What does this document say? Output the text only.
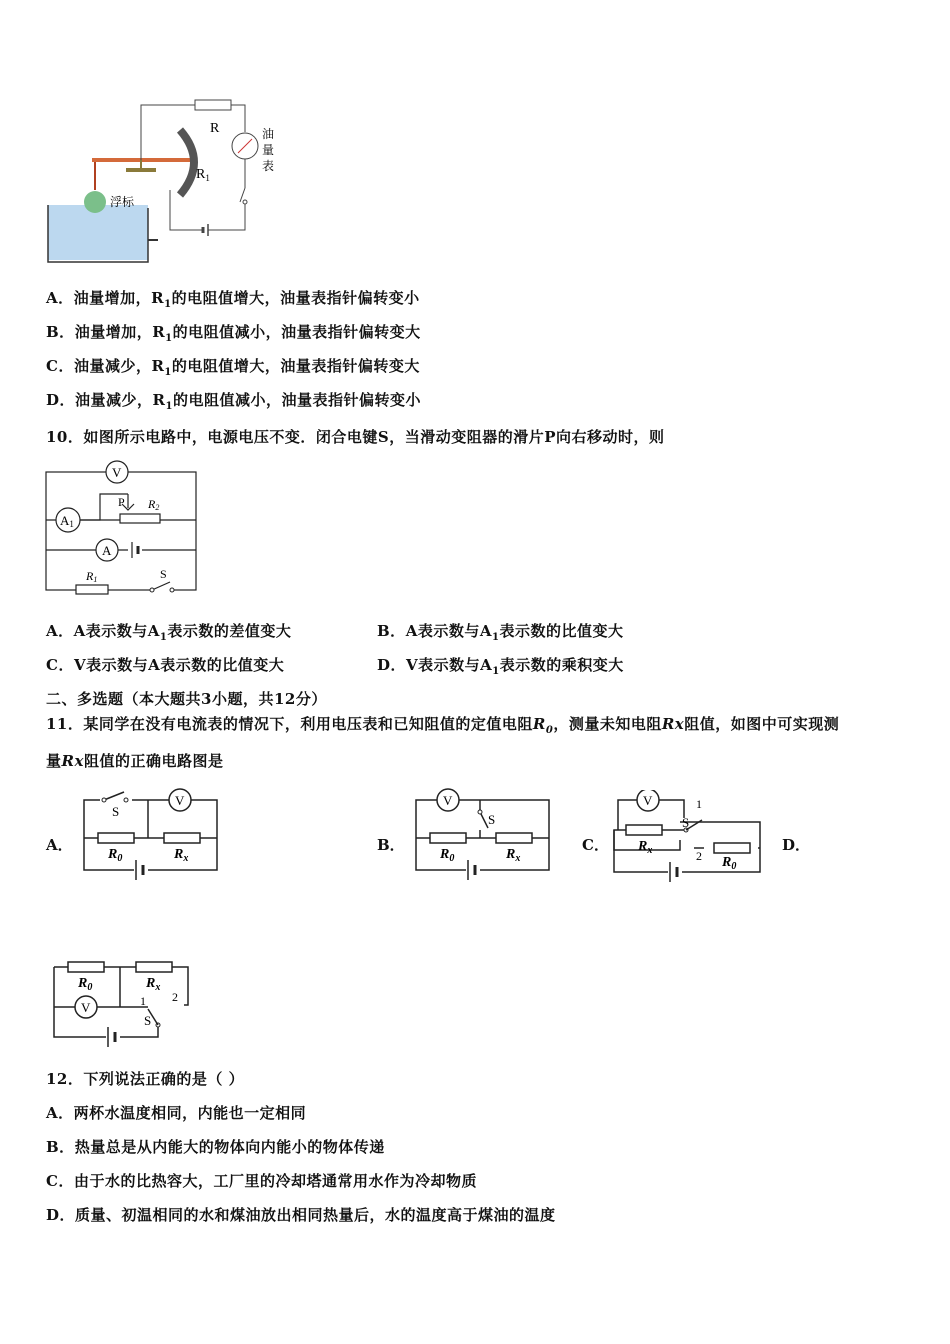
R
$R_1$
油
量
表
浮标
A．油量增加，$R_1$的电阻值增大，油量表指针偏转变小
B．油量增加，$R_1$的电阻值减小，油量表指针偏转变大
C．油量减少，$R_1$的电阻值增大，油量表指针偏转变大
D．油量减少，$R_1$的电阻值减小，油量表指针偏转变小
10．如图所示电路中，电源电压不变．闭合电键S，当滑动变阻器的滑片P向右移动时，则
V
A1
P R2
A
R1	S
A．A表示数与$A_1$表示数的差值变大	B．A表示数与$A_1$表示数的比值变大
C．V表示数与A表示数的比值变大	D．V表示数与$A_1$表示数的乘积变大
二、多选题（本大题共3小题，共12分）
11．某同学在没有电流表的情况下，利用电压表和已知阻值的定值电阻$R_0$，测量未知电阻Rx阻值，如图中可实现测
量Rx阻值的正确电路图是
A．	B．	C．	D．
S
V
$R_0$	$R_x$
V
S
$R_0$	$R_x$
V
S
1
2
$R_x$
$R_0$
$R_0$	$R_x$
V
S
1 2
12．下列说法正确的是（ ）
A．两杯水温度相同，内能也一定相同
B．热量总是从内能大的物体向内能小的物体传递
C．由于水的比热容大，工厂里的冷却塔通常用水作为冷却物质
D．质量、初温相同的水和煤油放出相同热量后，水的温度高于煤油的温度
